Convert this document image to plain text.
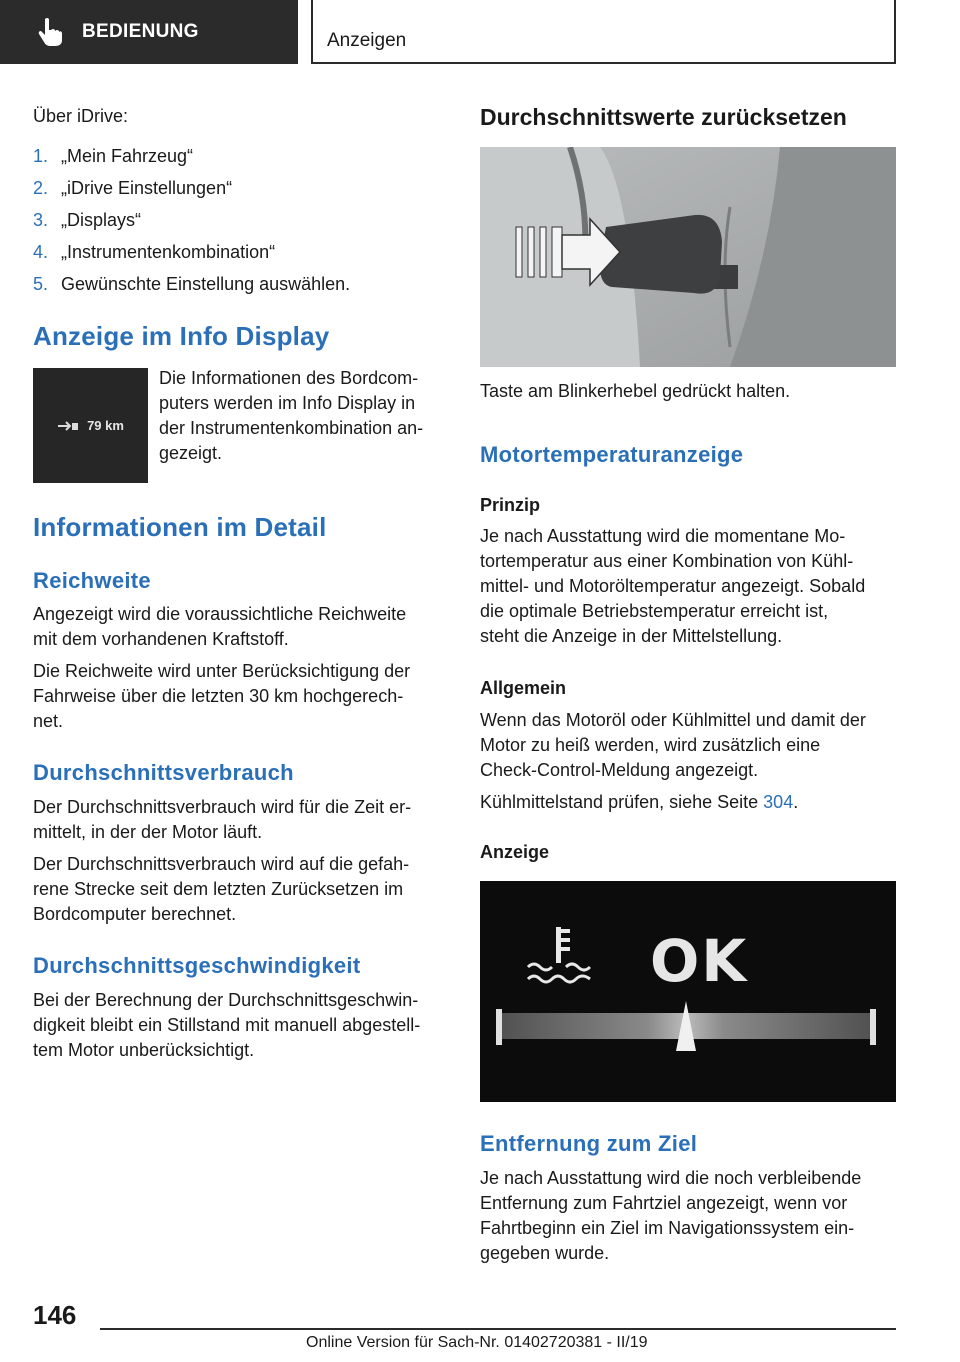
BEDIENUNG	Anzeigen

Über iDrive:

1. „Mein Fahrzeug“
2. „iDrive Einstellungen“
3. „Displays“
4. „Instrumentenkombination“
5. Gewünschte Einstellung auswählen.
Anzeige im Info Display
79 km

Die Informationen des Bordcom-

puters werden im Info Display in

der Instrumentenkombination an-

gezeigt.

Informationen im Detail
Reichweite

Angezeigt wird die voraussichtliche Reichweite

mit dem vorhandenen Kraftstoff.

Die Reichweite wird unter Berücksichtigung der

Fahrweise über die letzten 30 km hochgerech-

net.

Durchschnittsverbrauch

Der Durchschnittsverbrauch wird für die Zeit er-

mittelt, in der der Motor läuft.

Der Durchschnittsverbrauch wird auf die gefah-

rene Strecke seit dem letzten Zurücksetzen im

Bordcomputer berechnet.

Durchschnittsgeschwindigkeit

Bei der Berechnung der Durchschnittsgeschwin-

digkeit bleibt ein Stillstand mit manuell abgestell-

tem Motor unberücksichtigt.

Durchschnittswerte zurücksetzen

Taste am Blinkerhebel gedrückt halten.

Motortemperaturanzeige
Prinzip

Je nach Ausstattung wird die momentane Mo-

tortemperatur aus einer Kombination von Kühl-

mittel- und Motoröltemperatur angezeigt. Sobald

die optimale Betriebstemperatur erreicht ist,

steht die Anzeige in der Mittelstellung.

Allgemein

Wenn das Motoröl oder Kühlmittel und damit der

Motor zu heiß werden, wird zusätzlich eine

Check-Control-Meldung angezeigt.

Kühlmittelstand prüfen, siehe Seite 304.

Anzeige
OK
Entfernung zum Ziel

Je nach Ausstattung wird die noch verbleibende

Entfernung zum Fahrtziel angezeigt, wenn vor

Fahrtbeginn ein Ziel im Navigationssystem ein-

gegeben wurde.

146
Online Version für Sach-Nr. 01402720381 - II/19
